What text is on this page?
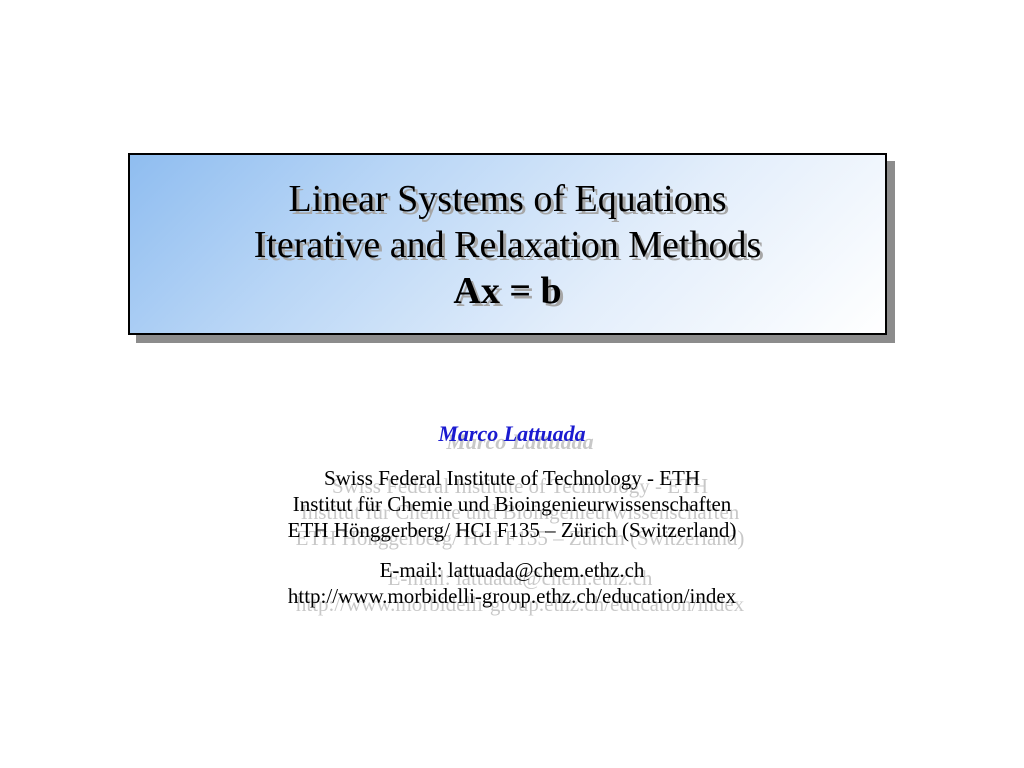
Linear Systems of Equations
Iterative and Relaxation Methods
Ax = b
Marco Lattuada
Swiss Federal Institute of Technology - ETH
Institut für Chemie und Bioingenieurwissenschaften
ETH Hönggerberg/ HCI F135 – Zürich (Switzerland)
E-mail: lattuada@chem.ethz.ch
http://www.morbidelli-group.ethz.ch/education/index
